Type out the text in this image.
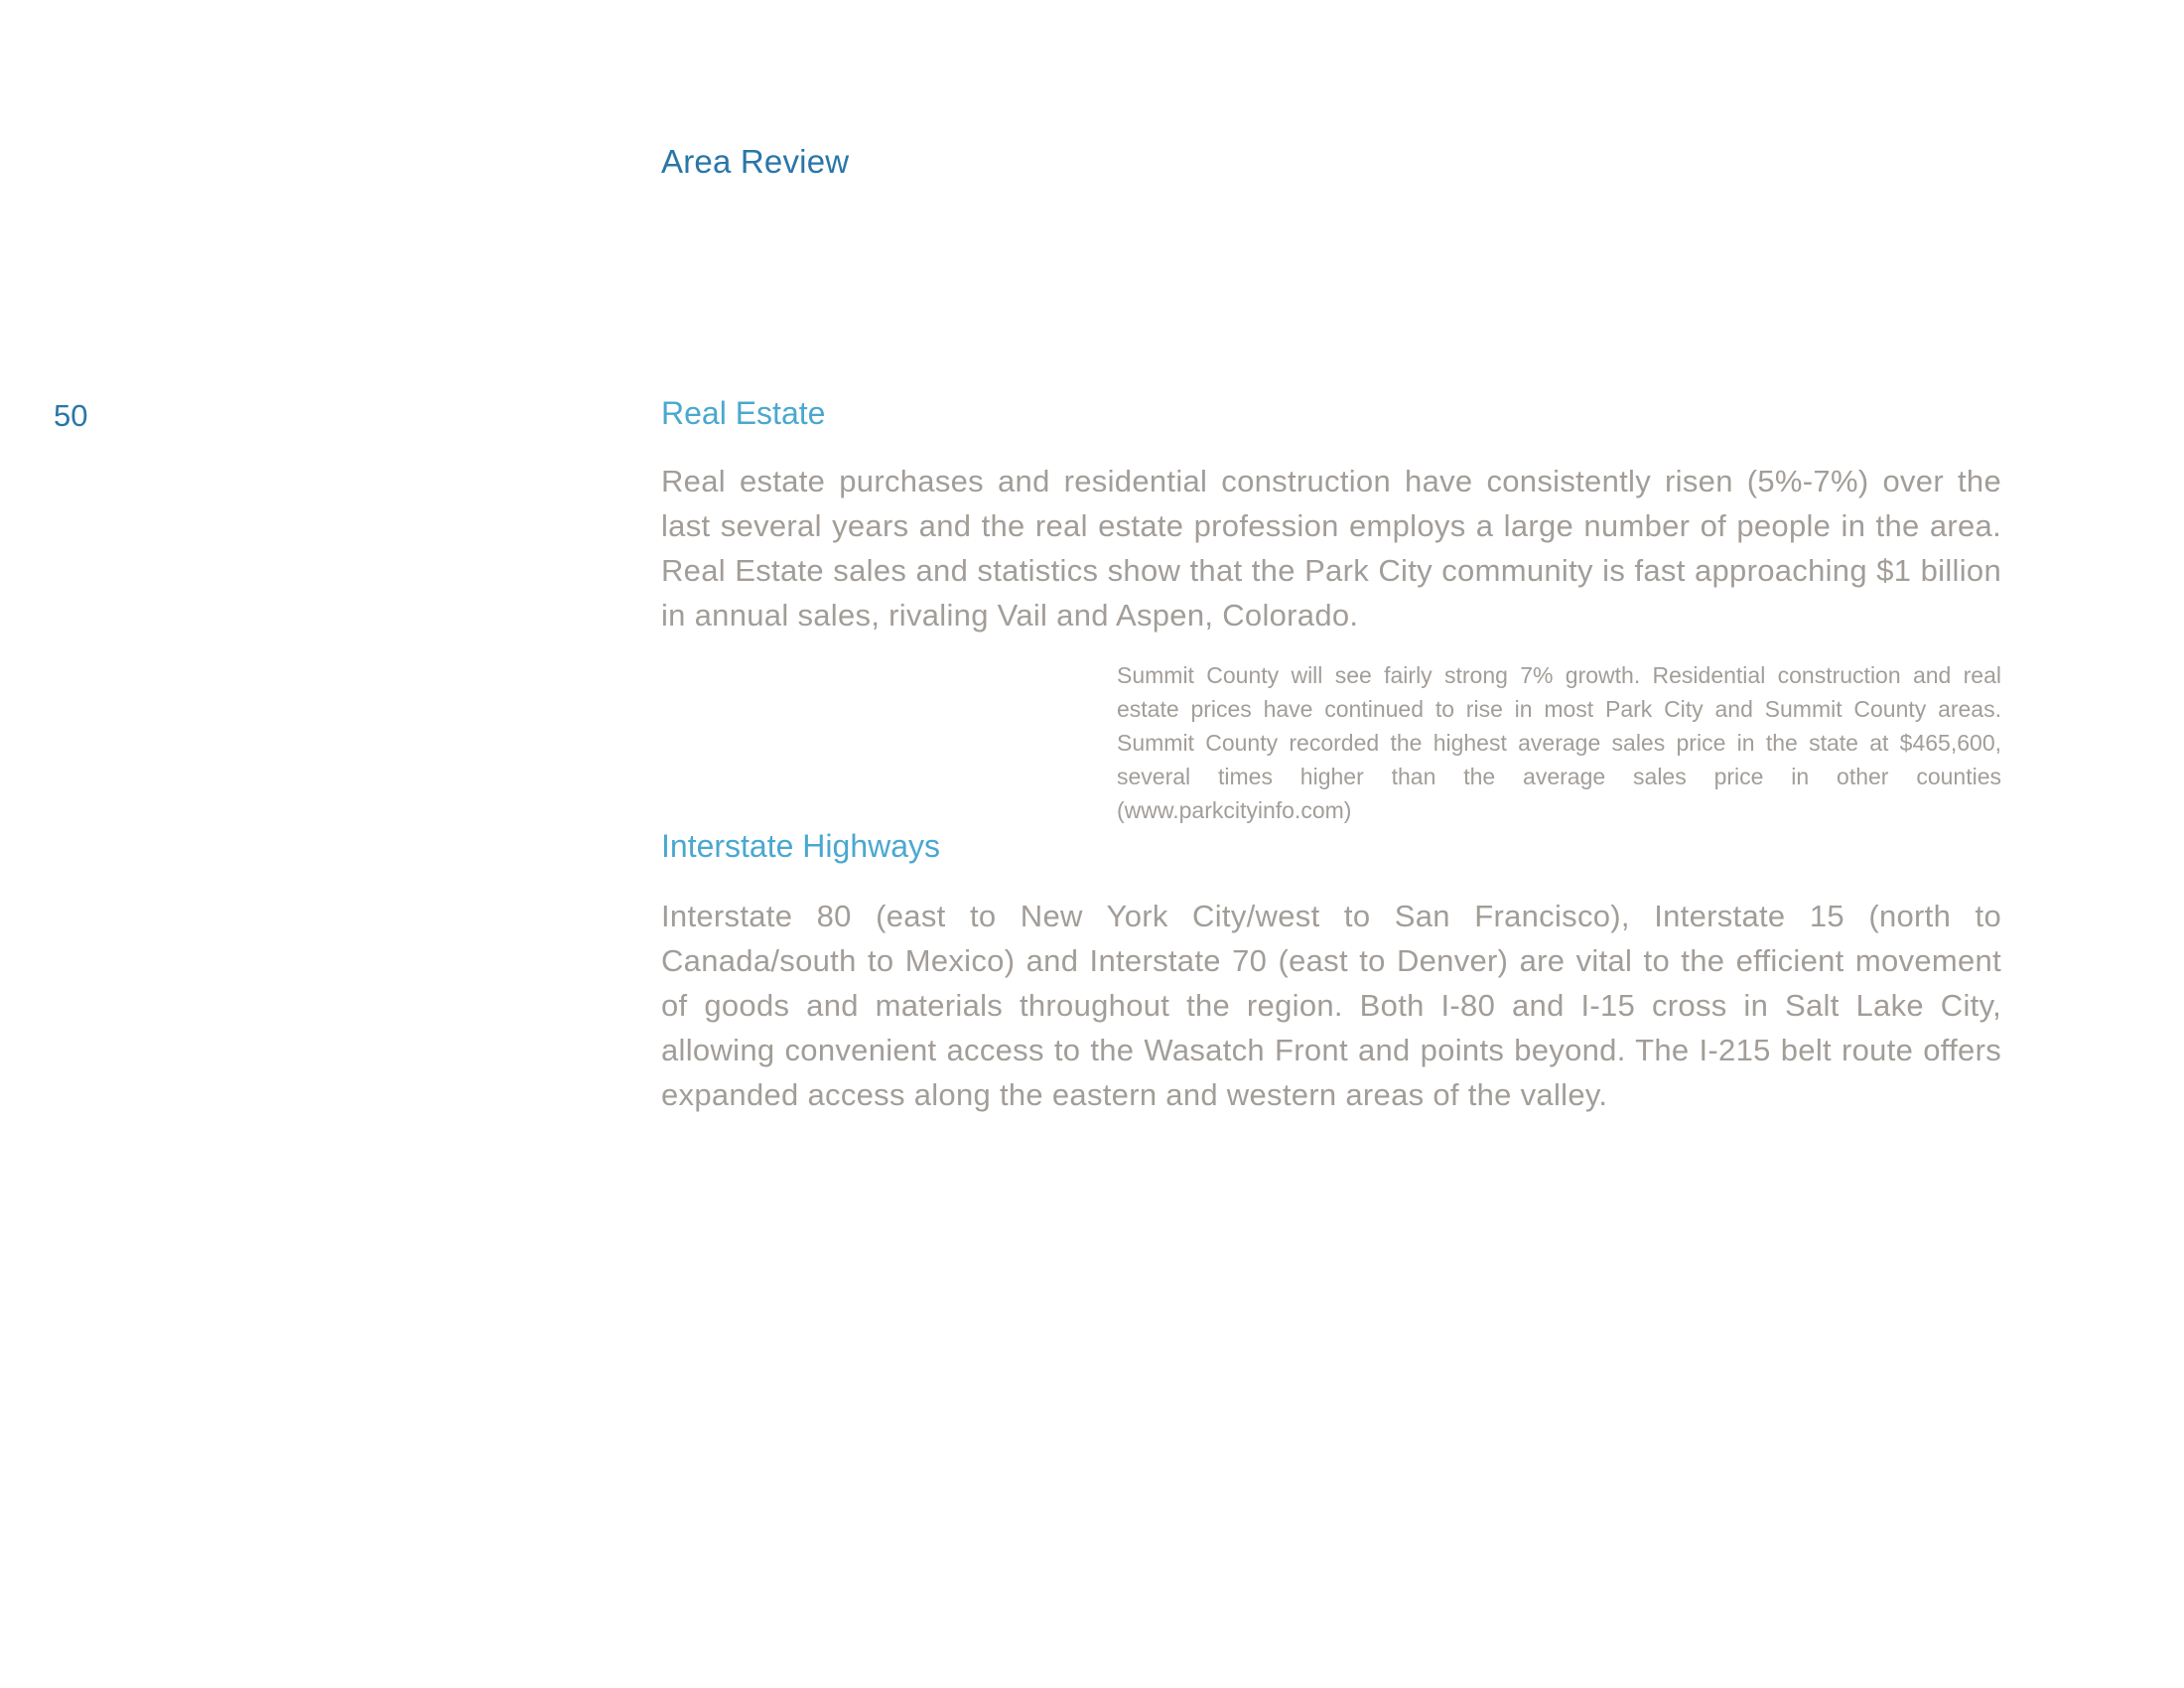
Area Review
50	Real Estate

Real estate purchases and residential construction have consistently risen (5%-7%) over the last several years and the real estate profession employs a large number of people in the area. Real Estate sales and statistics show that the Park City community is fast approaching $1 billion in annual sales, rivaling Vail and Aspen, Colorado.

Summit County will see fairly strong 7% growth. Residential construction and real estate prices have continued to rise in most Park City and Summit County areas. Summit County recorded the highest average sales price in the state at $465,600, several times higher than the average sales price in other counties (www.parkcityinfo.com)

Interstate Highways

Interstate 80 (east to New York City/west to San Francisco), Interstate 15 (north to Canada/south to Mexico) and Interstate 70 (east to Denver) are vital to the efficient movement of goods and materials throughout the region. Both I-80 and I-15 cross in Salt Lake City, allowing convenient access to the Wasatch Front and points beyond. The I-215 belt route offers expanded access along the eastern and western areas of the valley.
